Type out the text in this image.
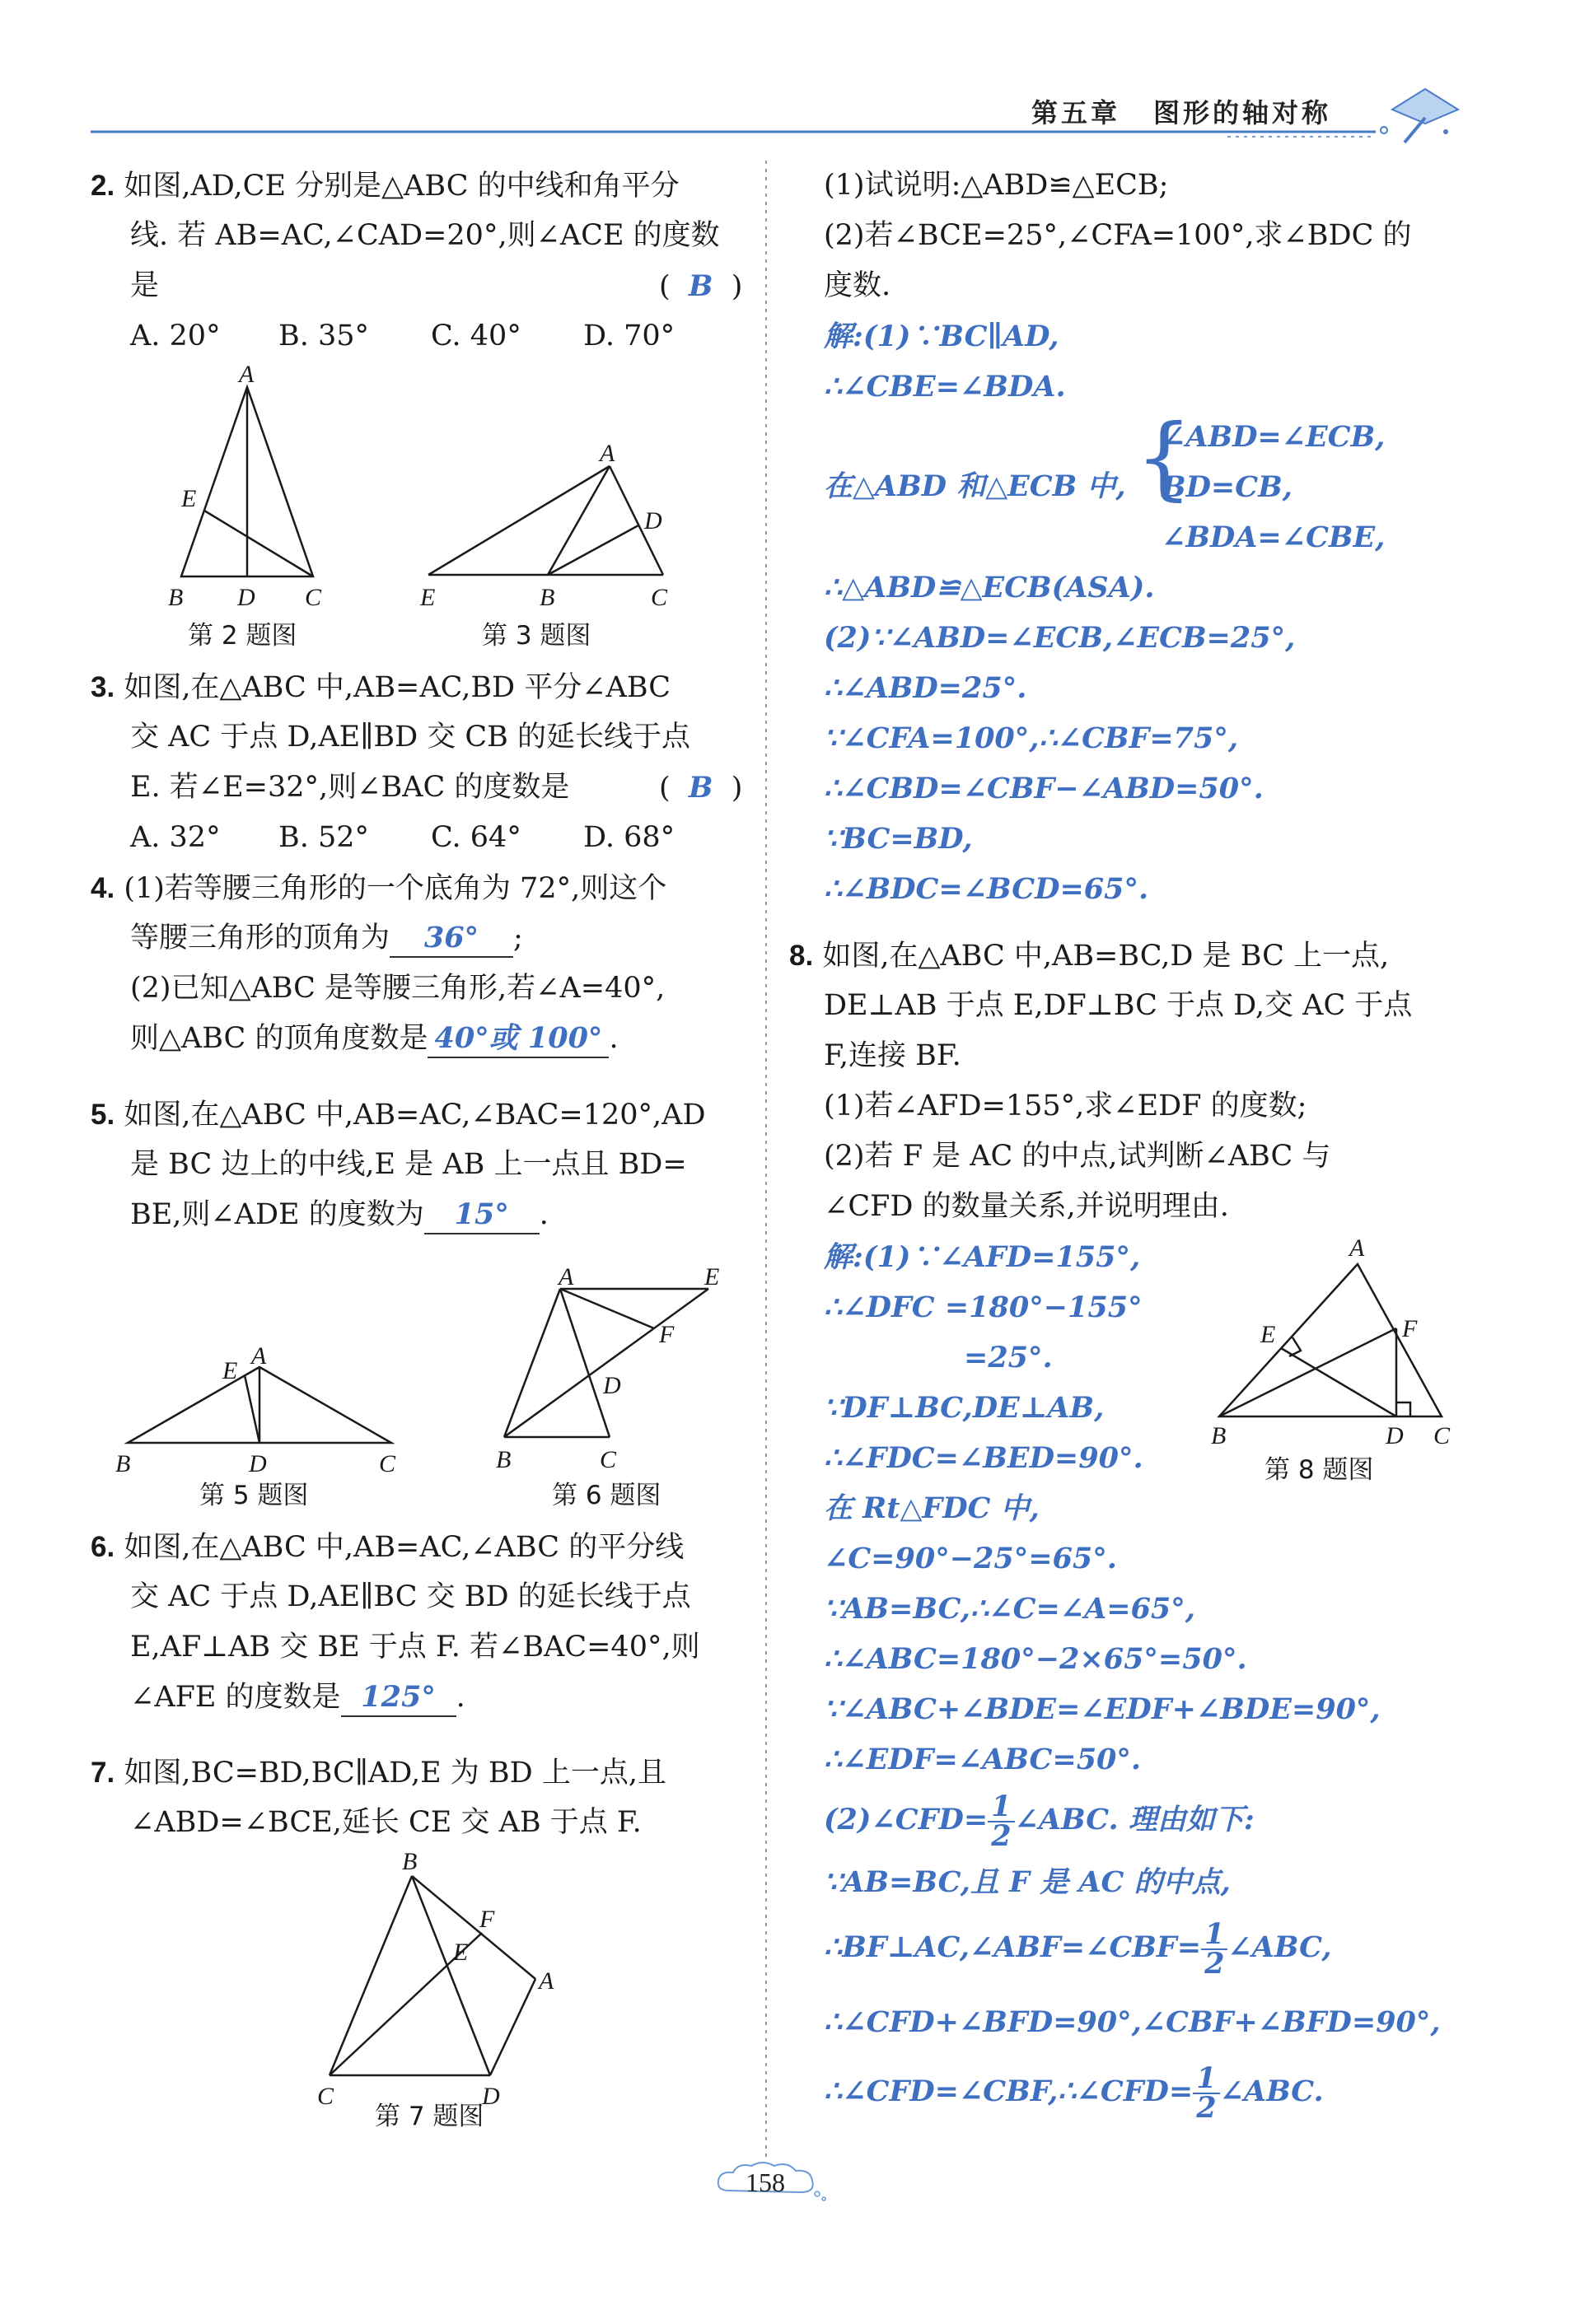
第五章 图形的轴对称
2. 如图,AD,CE 分别是△ABC 的中线和角平分
线. 若 AB=AC,∠CAD=20°,则∠ACE 的度数
是	( B )
A. 20° B. 35° C. 40° D. 70°
A
E
B D C
第 2 题图
A
D
E	B	C
第 3 题图
3. 如图,在△ABC 中,AB=AC,BD 平分∠ABC
交 AC 于点 D,AE∥BD 交 CB 的延长线于点
E. 若∠E=32°,则∠BAC 的度数是	( B )
A. 32° B. 52° C. 64° D. 68°
4. (1)若等腰三角形的一个底角为 72°,则这个
等腰三角形的顶角为 36° ;
(2)已知△ABC 是等腰三角形,若∠A=40°,
则△ABC 的顶角度数是 40°或 100° .
5. 如图,在△ABC 中,AB=AC,∠BAC=120°,AD
是 BC 边上的中线,E 是 AB 上一点且 BD=
BE,则∠ADE 的度数为 15° .
E
A
B	D	C
第 5 题图
A	E
F
D
B	C
第 6 题图
6. 如图,在△ABC 中,AB=AC,∠ABC 的平分线
交 AC 于点 D,AE∥BC 交 BD 的延长线于点
E,AF⊥AB 交 BE 于点 F. 若∠BAC=40°,则
∠AFE 的度数是 125° .
7. 如图,BC=BD,BC∥AD,E 为 BD 上一点,且
∠ABD=∠BCE,延长 CE 交 AB 于点 F.
B
F
E
A
C	D
第 7 题图
(1)试说明:△ABD≌△ECB;
(2)若∠BCE=25°,∠CFA=100°,求∠BDC 的
度数.
解:(1)∵BC∥AD,
∴∠CBE=∠BDA.
在△ABD 和△ECB 中, {
∠ABD=∠ECB,
BD=CB,
∠BDA=∠CBE,
∴△ABD≌△ECB(ASA).
(2)∵∠ABD=∠ECB,∠ECB=25°,
∴∠ABD=25°.
∵∠CFA=100°,∴∠CBF=75°,
∴∠CBD=∠CBF−∠ABD=50°.
∵BC=BD,
∴∠BDC=∠BCD=65°.
8. 如图,在△ABC 中,AB=BC,D 是 BC 上一点,
DE⊥AB 于点 E,DF⊥BC 于点 D,交 AC 于点
F,连接 BF.
(1)若∠AFD=155°,求∠EDF 的度数;
(2)若 F 是 AC 的中点,试判断∠ABC 与
∠CFD 的数量关系,并说明理由.
A
E	F
B	D C
第 8 题图
解:(1)∵∠AFD=155°,
∴∠DFC =180°−155°
=25°.
∵DF⊥BC,DE⊥AB,
∴∠FDC=∠BED=90°.
在 Rt△FDC 中,
∠C=90°−25°=65°.
∵AB=BC,∴∠C=∠A=65°,
∴∠ABC=180°−2×65°=50°.
∵∠ABC+∠BDE=∠EDF+∠BDE=90°,
∴∠EDF=∠ABC=50°.
(2)∠CFD= $\frac{1}{2}$ ∠ABC. 理由如下:
∵AB=BC,且 F 是 AC 的中点,
∴BF⊥AC,∠ABF=∠CBF= $\frac{1}{2}$ ∠ABC,
∴∠CFD+∠BFD=90°,∠CBF+∠BFD=90°,
∴∠CFD=∠CBF,∴∠CFD= $\frac{1}{2}$ ∠ABC.
158
